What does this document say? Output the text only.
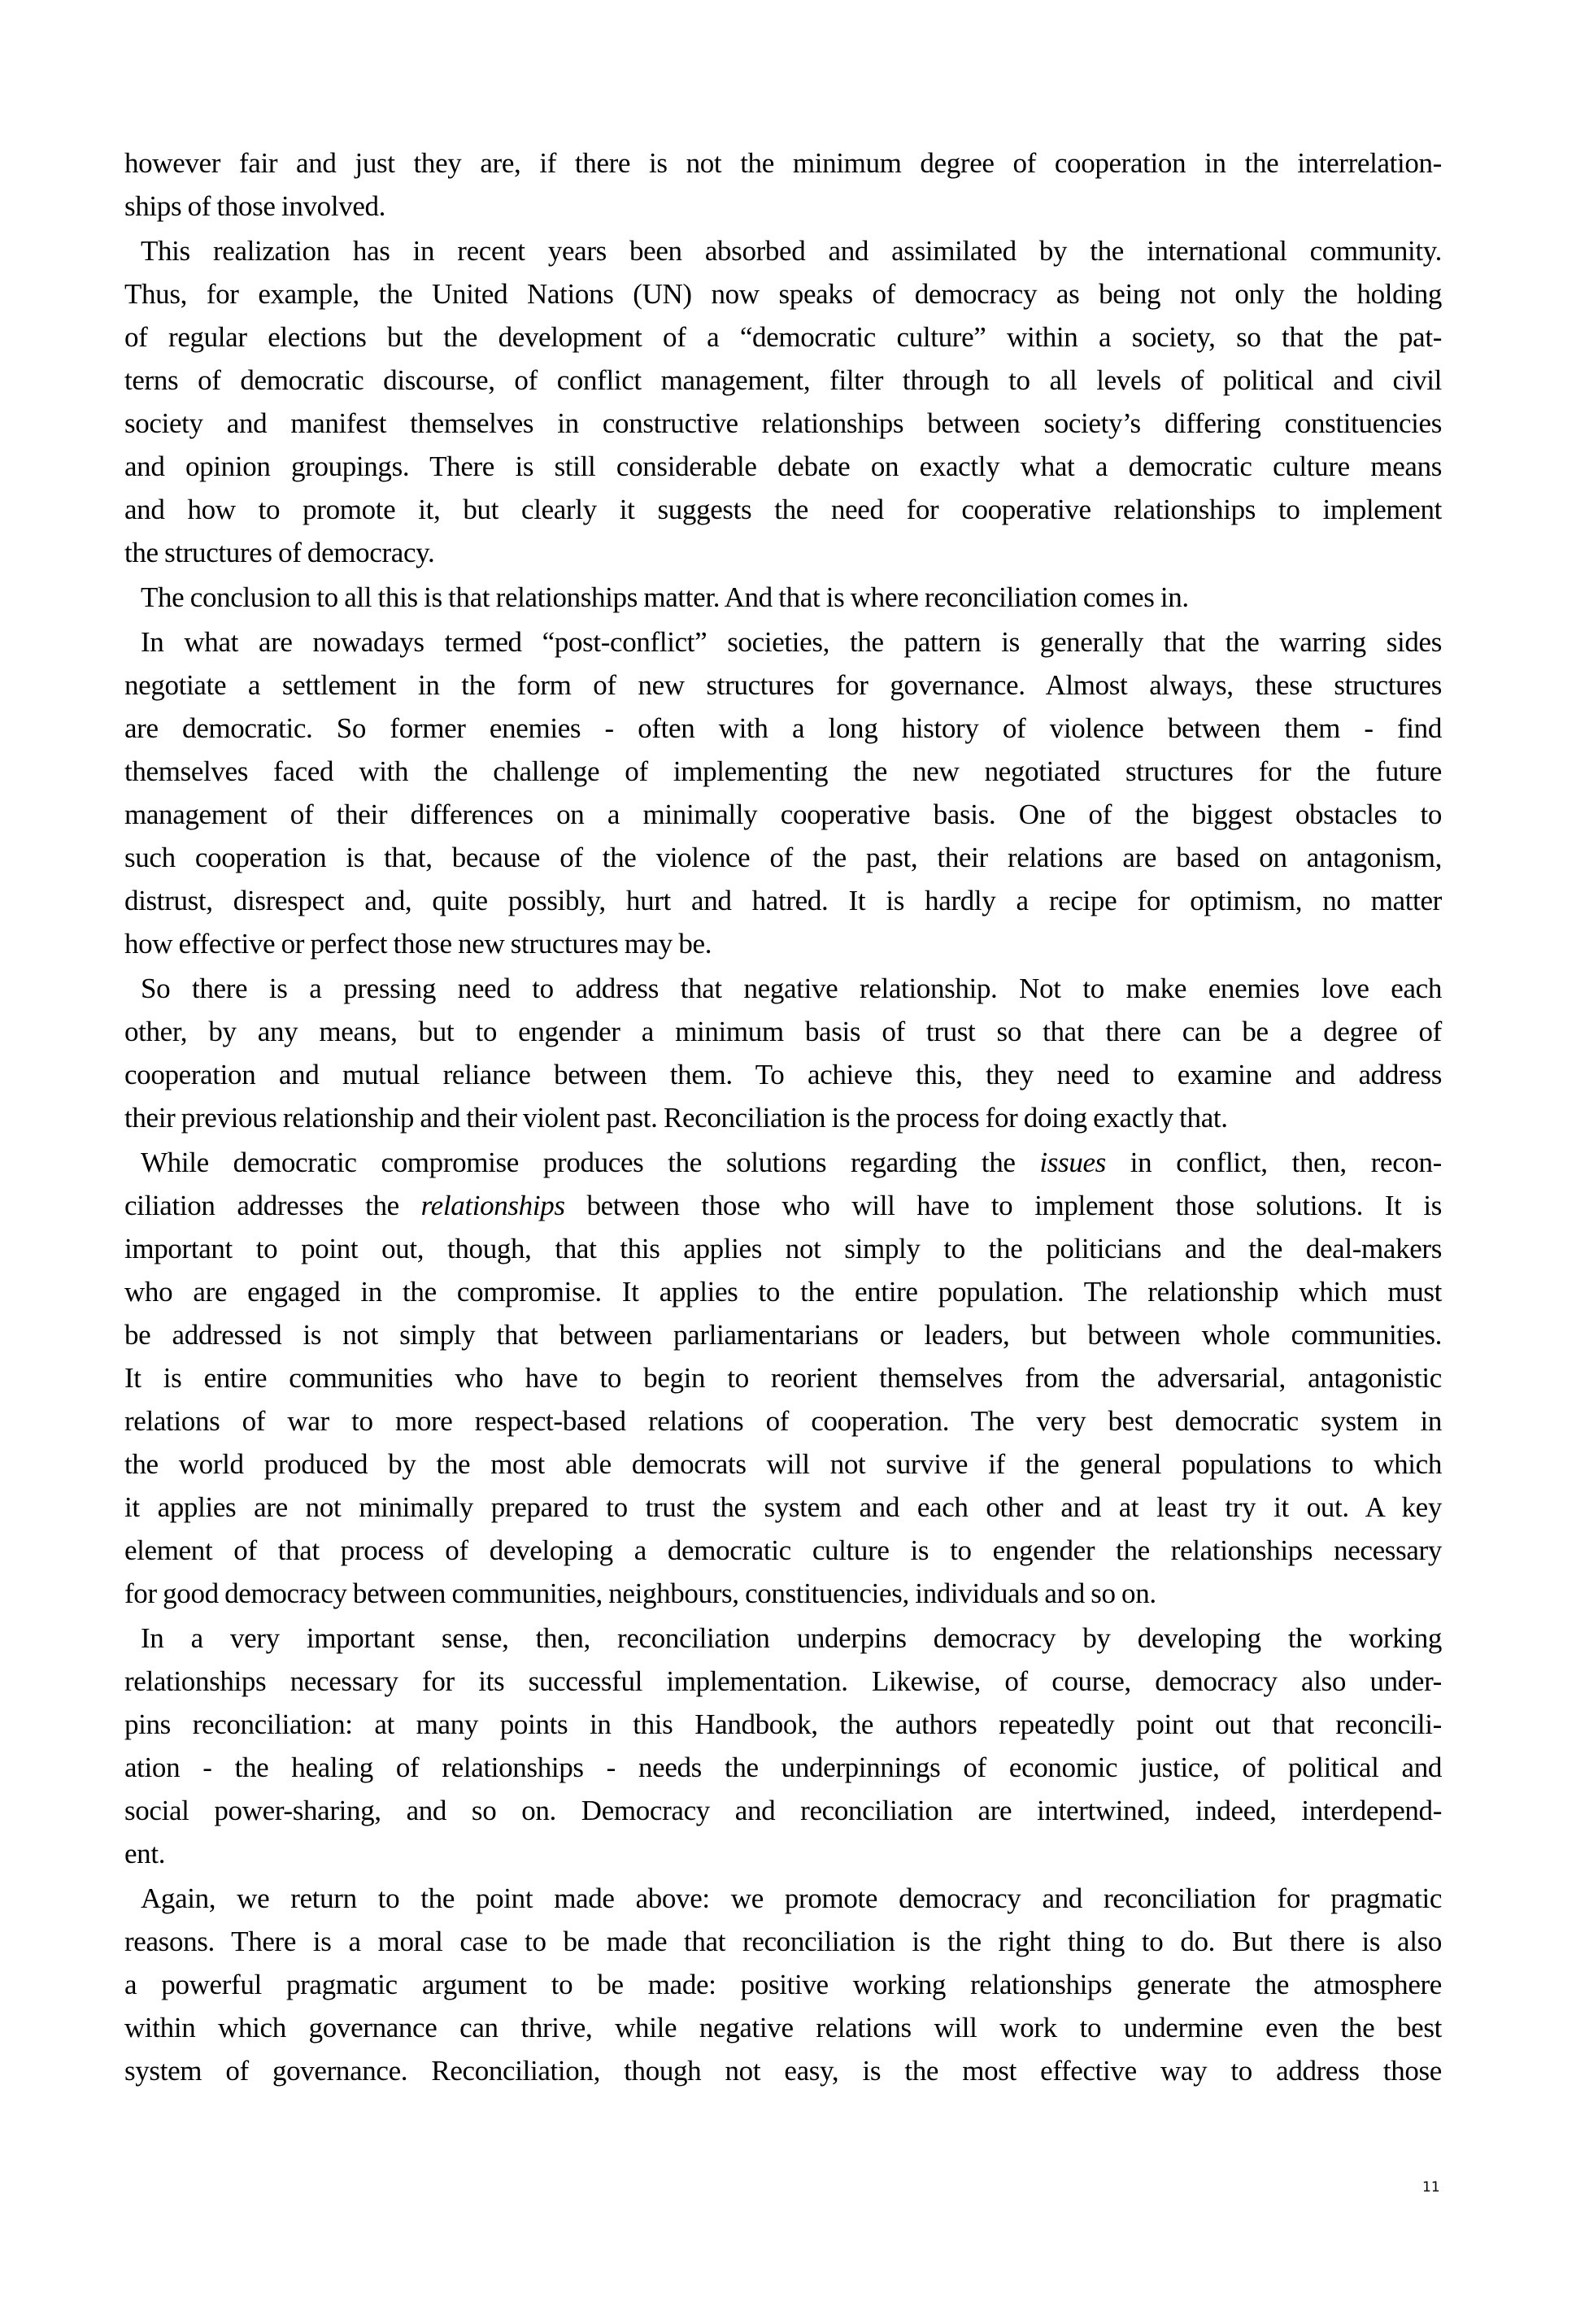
however fair and just they are, if there is not the minimum degree of cooperation in the interrelation-
ships of those involved.
This realization has in recent years been absorbed and assimilated by the international community.
Thus, for example, the United Nations (UN) now speaks of democracy as being not only the holding
of regular elections but the development of a “democratic culture” within a society, so that the pat-
terns of democratic discourse, of conflict management, filter through to all levels of political and civil
society and manifest themselves in constructive relationships between society’s differing constituencies
and opinion groupings. There is still considerable debate on exactly what a democratic culture means
and how to promote it, but clearly it suggests the need for cooperative relationships to implement
the structures of democracy.
The conclusion to all this is that relationships matter. And that is where reconciliation comes in.
In what are nowadays termed “post-conflict” societies, the pattern is generally that the warring sides
negotiate a settlement in the form of new structures for governance. Almost always, these structures
are democratic. So former enemies - often with a long history of violence between them - find
themselves faced with the challenge of implementing the new negotiated structures for the future
management of their differences on a minimally cooperative basis. One of the biggest obstacles to
such cooperation is that, because of the violence of the past, their relations are based on antagonism,
distrust, disrespect and, quite possibly, hurt and hatred. It is hardly a recipe for optimism, no matter
how effective or perfect those new structures may be.
So there is a pressing need to address that negative relationship. Not to make enemies love each
other, by any means, but to engender a minimum basis of trust so that there can be a degree of
cooperation and mutual reliance between them. To achieve this, they need to examine and address
their previous relationship and their violent past. Reconciliation is the process for doing exactly that.
While democratic compromise produces the solutions regarding the issues in conflict, then, recon-
ciliation addresses the relationships between those who will have to implement those solutions. It is
important to point out, though, that this applies not simply to the politicians and the deal-makers
who are engaged in the compromise. It applies to the entire population. The relationship which must
be addressed is not simply that between parliamentarians or leaders, but between whole communities.
It is entire communities who have to begin to reorient themselves from the adversarial, antagonistic
relations of war to more respect-based relations of cooperation. The very best democratic system in
the world produced by the most able democrats will not survive if the general populations to which
it applies are not minimally prepared to trust the system and each other and at least try it out. A key
element of that process of developing a democratic culture is to engender the relationships necessary
for good democracy between communities, neighbours, constituencies, individuals and so on.
In a very important sense, then, reconciliation underpins democracy by developing the working
relationships necessary for its successful implementation. Likewise, of course, democracy also under-
pins reconciliation: at many points in this Handbook, the authors repeatedly point out that reconcili-
ation - the healing of relationships - needs the underpinnings of economic justice, of political and
social power-sharing, and so on. Democracy and reconciliation are intertwined, indeed, interdepend-
ent.
Again, we return to the point made above: we promote democracy and reconciliation for pragmatic
reasons. There is a moral case to be made that reconciliation is the right thing to do. But there is also
a powerful pragmatic argument to be made: positive working relationships generate the atmosphere
within which governance can thrive, while negative relations will work to undermine even the best
system of governance. Reconciliation, though not easy, is the most effective way to address those
11
